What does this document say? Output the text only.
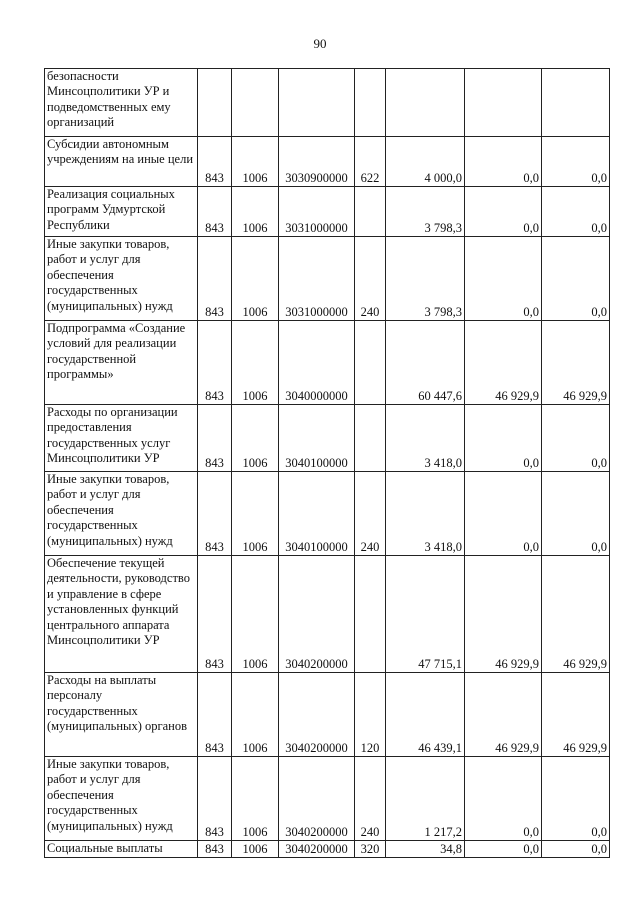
90
безопасности Минсоцполитики УР и подведомственных ему организаций							
Субсидии автономным учреждениям на иные цели	843	1006	3030900000	622	4 000,0	0,0	0,0
Реализация социальных программ Удмуртской Республики	843	1006	3031000000		3 798,3	0,0	0,0
Иные закупки товаров, работ и услуг для обеспечения государственных (муниципальных) нужд	843	1006	3031000000	240	3 798,3	0,0	0,0
Подпрограмма «Создание условий для реализации государственной программы»	843	1006	3040000000		60 447,6	46 929,9	46 929,9
Расходы по организации предоставления государственных услуг Минсоцполитики УР	843	1006	3040100000		3 418,0	0,0	0,0
Иные закупки товаров, работ и услуг для обеспечения государственных (муниципальных) нужд	843	1006	3040100000	240	3 418,0	0,0	0,0
Обеспечение текущей деятельности, руководство и управление в сфере установленных функций центрального аппарата Минсоцполитики УР	843	1006	3040200000		47 715,1	46 929,9	46 929,9
Расходы на выплаты персоналу государственных (муниципальных) органов	843	1006	3040200000	120	46 439,1	46 929,9	46 929,9
Иные закупки товаров, работ и услуг для обеспечения государственных (муниципальных) нужд	843	1006	3040200000	240	1 217,2	0,0	0,0
Социальные выплаты	843	1006	3040200000	320	34,8	0,0	0,0
